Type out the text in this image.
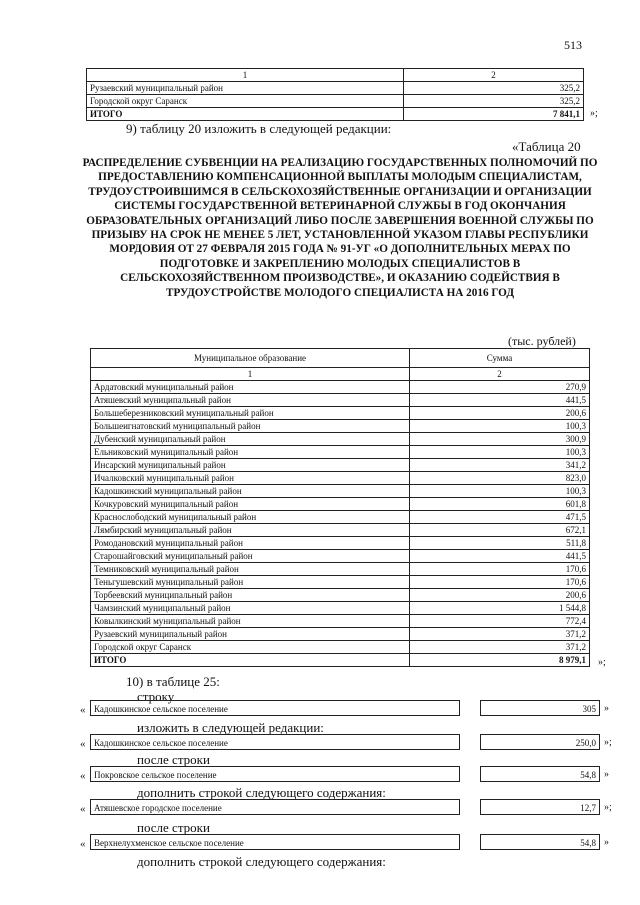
513
1	2
Рузаевский муниципальный район	325,2
Городской округ Саранск	325,2
ИТОГО	7 841,1 »;
9) таблицу 20 изложить в следующей редакции:
«Таблица 20
РАСПРЕДЕЛЕНИЕ СУБВЕНЦИИ НА РЕАЛИЗАЦИЮ ГОСУДАРСТВЕННЫХ ПОЛНОМОЧИЙ ПО ПРЕДОСТАВЛЕНИЮ КОМПЕНСАЦИОННОЙ ВЫПЛАТЫ МОЛОДЫМ СПЕЦИАЛИСТАМ, ТРУДОУСТРОИВШИМСЯ В СЕЛЬСКОХОЗЯЙСТВЕННЫЕ ОРГАНИЗАЦИИ И ОРГАНИЗАЦИИ СИСТЕМЫ ГОСУДАРСТВЕННОЙ ВЕТЕРИНАРНОЙ СЛУЖБЫ В ГОД ОКОНЧАНИЯ ОБРАЗОВАТЕЛЬНЫХ ОРГАНИЗАЦИЙ ЛИБО ПОСЛЕ ЗАВЕРШЕНИЯ ВОЕННОЙ СЛУЖБЫ ПО ПРИЗЫВУ НА СРОК НЕ МЕНЕЕ 5 ЛЕТ, УСТАНОВЛЕННОЙ УКАЗОМ ГЛАВЫ РЕСПУБЛИКИ МОРДОВИЯ ОТ 27 ФЕВРАЛЯ 2015 ГОДА № 91-УГ «О ДОПОЛНИТЕЛЬНЫХ МЕРАХ ПО ПОДГОТОВКЕ И ЗАКРЕПЛЕНИЮ МОЛОДЫХ СПЕЦИАЛИСТОВ В СЕЛЬСКОХОЗЯЙСТВЕННОМ ПРОИЗВОДСТВЕ», И ОКАЗАНИЮ СОДЕЙСТВИЯ В ТРУДОУСТРОЙСТВЕ МОЛОДОГО СПЕЦИАЛИСТА НА 2016 ГОД
(тыс. рублей)
Муниципальное образование	Сумма
1	2
Ардатовский муниципальный район	270,9
Атяшевский муниципальный район	441,5
Большеберезниковский муниципальный район	200,6
Большеигнатовский муниципальный район	100,3
Дубенский муниципальный район	300,9
Ельниковский муниципальный район	100,3
Инсарский муниципальный район	341,2
Ичалковский муниципальный район	823,0
Кадошкинский муниципальный район	100,3
Кочкуровский муниципальный район	601,8
Краснослободский муниципальный район	471,5
Лямбирский муниципальный район	672,1
Ромодановский муниципальный район	511,8
Старошайговский муниципальный район	441,5
Темниковский муниципальный район	170,6
Теньгушевский муниципальный район	170,6
Торбеевский муниципальный район	200,6
Чамзинский муниципальный район	1 544,8
Ковылкинский муниципальный район	772,4
Рузаевский муниципальный район	371,2
Городской округ Саранск	371,2
ИТОГО	8 979,1 »;
10) в таблице 25:
строку
« Кадошкинское сельское поселение	305 »
изложить в следующей редакции:
« Кадошкинское сельское поселение	250,0 »;
после строки
« Покровское сельское поселение	54,8 »
дополнить строкой следующего содержания:
« Атяшевское городское поселение	12,7 »;
после строки
« Верхнелухменское сельское поселение	54,8 »
дополнить строкой следующего содержания:
